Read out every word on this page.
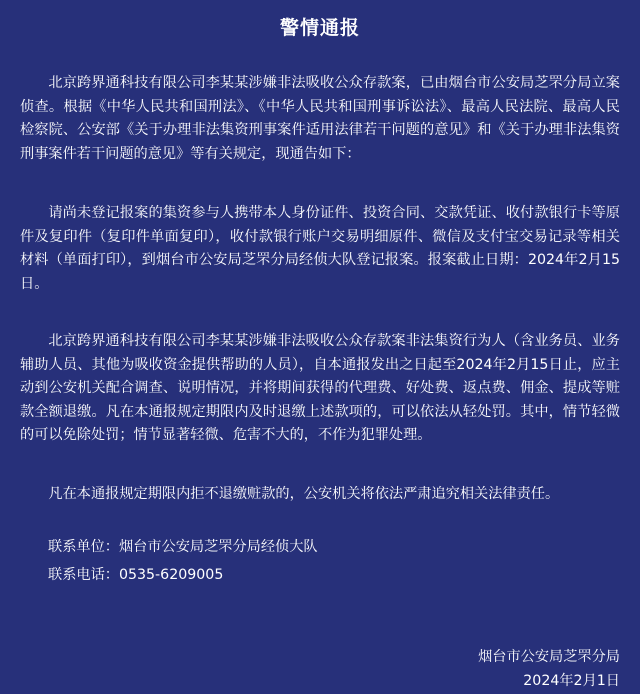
警情通报

北京跨界通科技有限公司李某某涉嫌非法吸收公众存款案，已由烟台市公安局芝罘分局立案侦查。根据《中华人民共和国刑法》、《中华人民共和国刑事诉讼法》、最高人民法院、最高人民检察院、公安部《关于办理非法集资刑事案件适用法律若干问题的意见》和《关于办理非法集资刑事案件若干问题的意见》等有关规定，现通告如下：

请尚未登记报案的集资参与人携带本人身份证件、投资合同、交款凭证、收付款银行卡等原件及复印件（复印件单面复印），收付款银行账户交易明细原件、微信及支付宝交易记录等相关材料（单面打印），到烟台市公安局芝罘分局经侦大队登记报案。报案截止日期：2024年2月15日。

北京跨界通科技有限公司李某某涉嫌非法吸收公众存款案非法集资行为人（含业务员、业务辅助人员、其他为吸收资金提供帮助的人员），自本通报发出之日起至2024年2月15日止，应主动到公安机关配合调查、说明情况，并将期间获得的代理费、好处费、返点费、佣金、提成等赃款全额退缴。凡在本通报规定期限内及时退缴上述款项的，可以依法从轻处罚。其中，情节轻微的可以免除处罚；情节显著轻微、危害不大的，不作为犯罪处理。

凡在本通报规定期限内拒不退缴赃款的，公安机关将依法严肃追究相关法律责任。

联系单位：烟台市公安局芝罘分局经侦大队
联系电话：0535-6209005
烟台市公安局芝罘分局
2024年2月1日
